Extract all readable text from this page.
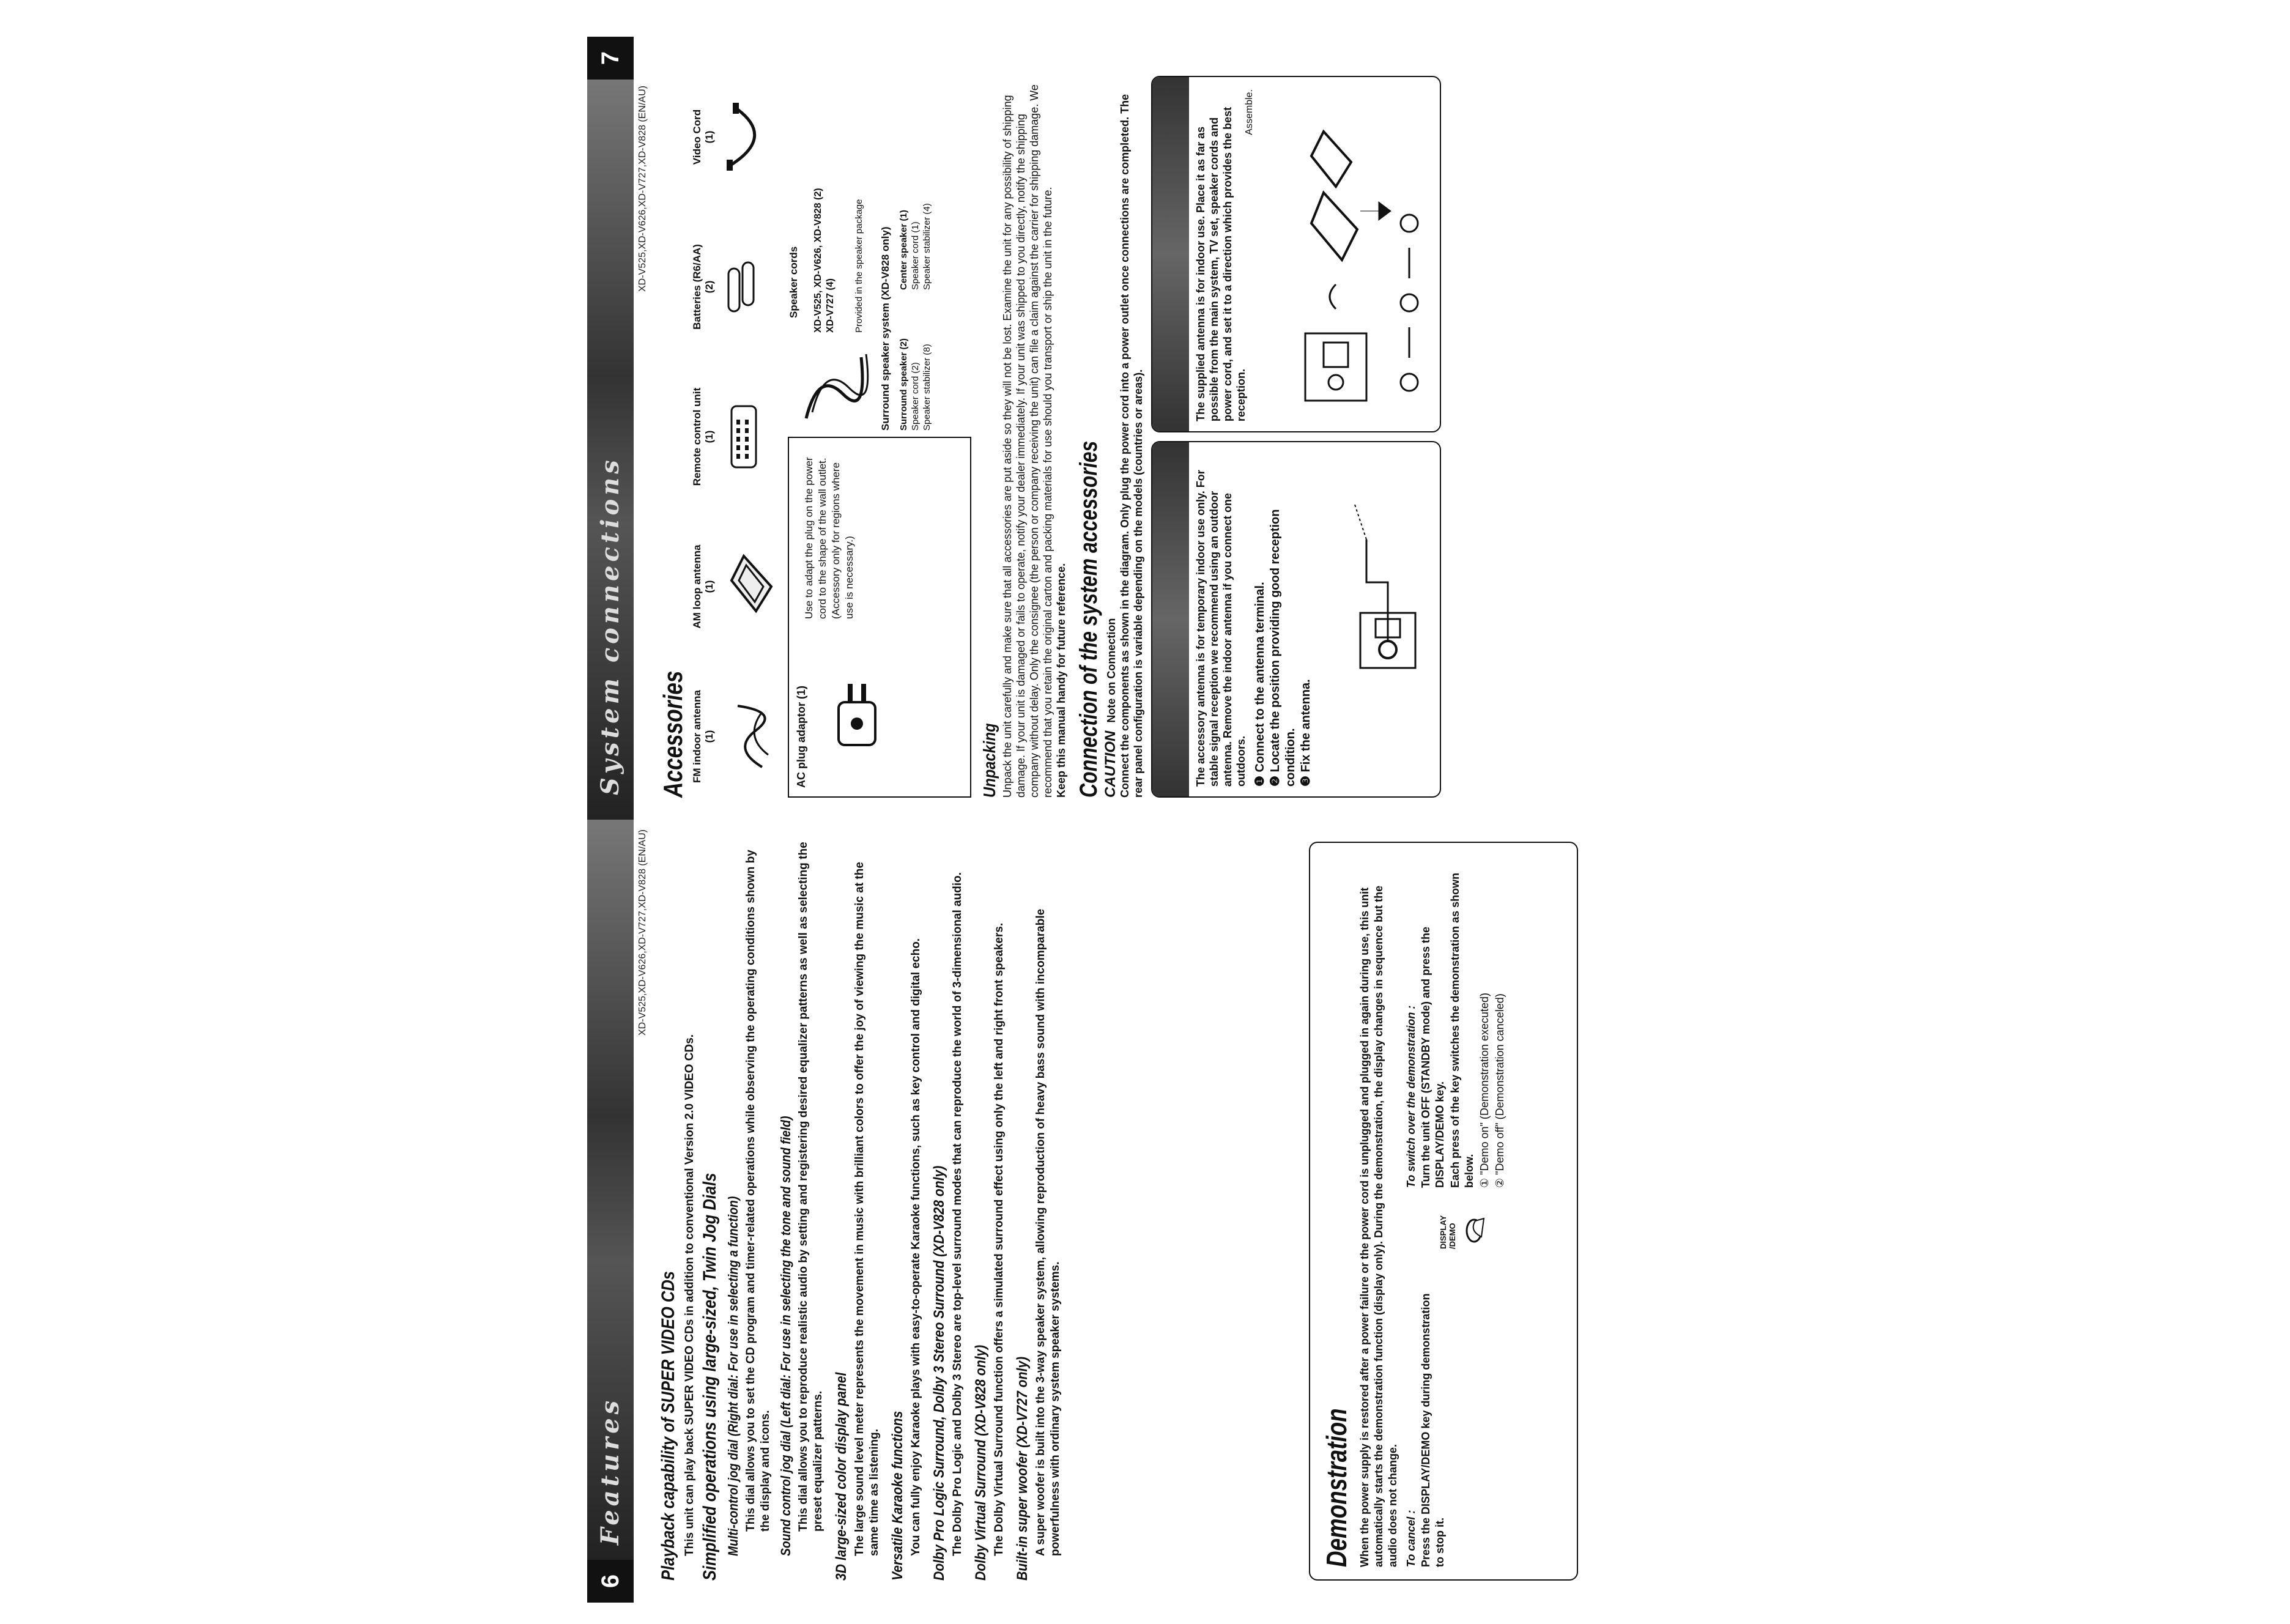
6
Features
XD-V525,XD-V626,XD-V727,XD-V828 (EN/AU)
Playback capability of SUPER VIDEO CDs This unit can play back SUPER VIDEO CDs in addition to conventional Version 2.0 VIDEO CDs. Simplified operations using large-sized, Twin Jog Dials Multi-control jog dial (Right dial: For use in selecting a function) This dial allows you to set the CD program and timer-related operations while observing the operating conditions shown by the display and icons. Sound control jog dial (Left dial: For use in selecting the tone and sound field) This dial allows you to reproduce realistic audio by setting and registering desired equalizer patterns as well as selecting the preset equalizer patterns. 3D large-sized color display panel The large sound level meter represents the movement in music with brilliant colors to offer the joy of viewing the music at the same time as listening. Versatile Karaoke functions You can fully enjoy Karaoke plays with easy-to-operate Karaoke functions, such as key control and digital echo. Dolby Pro Logic Surround, Dolby 3 Stereo Surround (XD-V828 only) The Dolby Pro Logic and Dolby 3 Stereo are top-level surround modes that can reproduce the world of 3-dimensional audio. Dolby Virtual Surround (XD-V828 only) The Dolby Virtual Surround function offers a simulated surround effect using only the left and right front speakers. Built-in super woofer (XD-V727 only) A super woofer is built into the 3-way speaker system, allowing reproduction of heavy bass sound with incomparable powerfulness with ordinary system speaker systems.	Demonstration When the power supply is restored after a power failure or the power cord is unplugged and plugged in again during use, this unit automatically starts the demonstration function (display only). During the demonstration, the display changes in sequence but the audio does not change. To cancel : Press the DISPLAY/DEMO key during demonstration to stop it.

To switch over the demonstration : Turn the unit OFF (STANDBY mode) and press the DISPLAY/DEMO key. Each press of the key switches the demonstration as shown below. ① "Demo on" (Demonstration executed) ② "Demo off" (Demonstration canceled)

DISPLAY /DEMO
7
System connections
XD-V525,XD-V626,XD-V727,XD-V828 (EN/AU)
Accessories FM indoor antenna (1)
AM loop antenna (1)
Remote control unit (1)
Batteries (R6/AA) (2)
Video Cord (1)
AC plug adaptor (1)
Use to adapt the plug on the power cord to the shape of the wall outlet. (Accessory only for regions where use is necessary.)
Speaker cords XD-V525, XD-V626, XD-V828 (2) XD-V727 (4) Provided in the speaker package Surround speaker system (XD-V828 only) Surround speaker (2) Speaker cord (2) Speaker stabilizer (8)
Center speaker (1) Speaker cord (1) Speaker stabilizer (4)
Unpacking Unpack the unit carefully and make sure that all accessories are put aside so they will not be lost. Examine the unit for any possibility of shipping damage. If your unit is damaged or fails to operate, notify your dealer immediately. If your unit was shipped to you directly, notify the shipping company without delay. Only the consignee (the person or company receiving the unit) can file a claim against the carrier for shipping damage. We recommend that you retain the original carton and packing materials for use should you transport or ship the unit in the future. Keep this manual handy for future reference. Connection of the system accessories CAUTION Note on Connection Connect the components as shown in the diagram. Only plug the power cord into a power outlet once connections are completed. The rear panel configuration is variable depending on the models (countries or areas).	The accessory antenna is for temporary indoor use only. For stable signal reception we recommend using an outdoor antenna. Remove the indoor antenna if you connect one outdoors. ❶ Connect to the antenna terminal. ❷ Locate the position providing good reception condition. ❸ Fix the antenna.
The supplied antenna is for indoor use. Place it as far as possible from the main system, TV set, speaker cords and power cord, and set it to a direction which provides the best reception.
Assemble.
